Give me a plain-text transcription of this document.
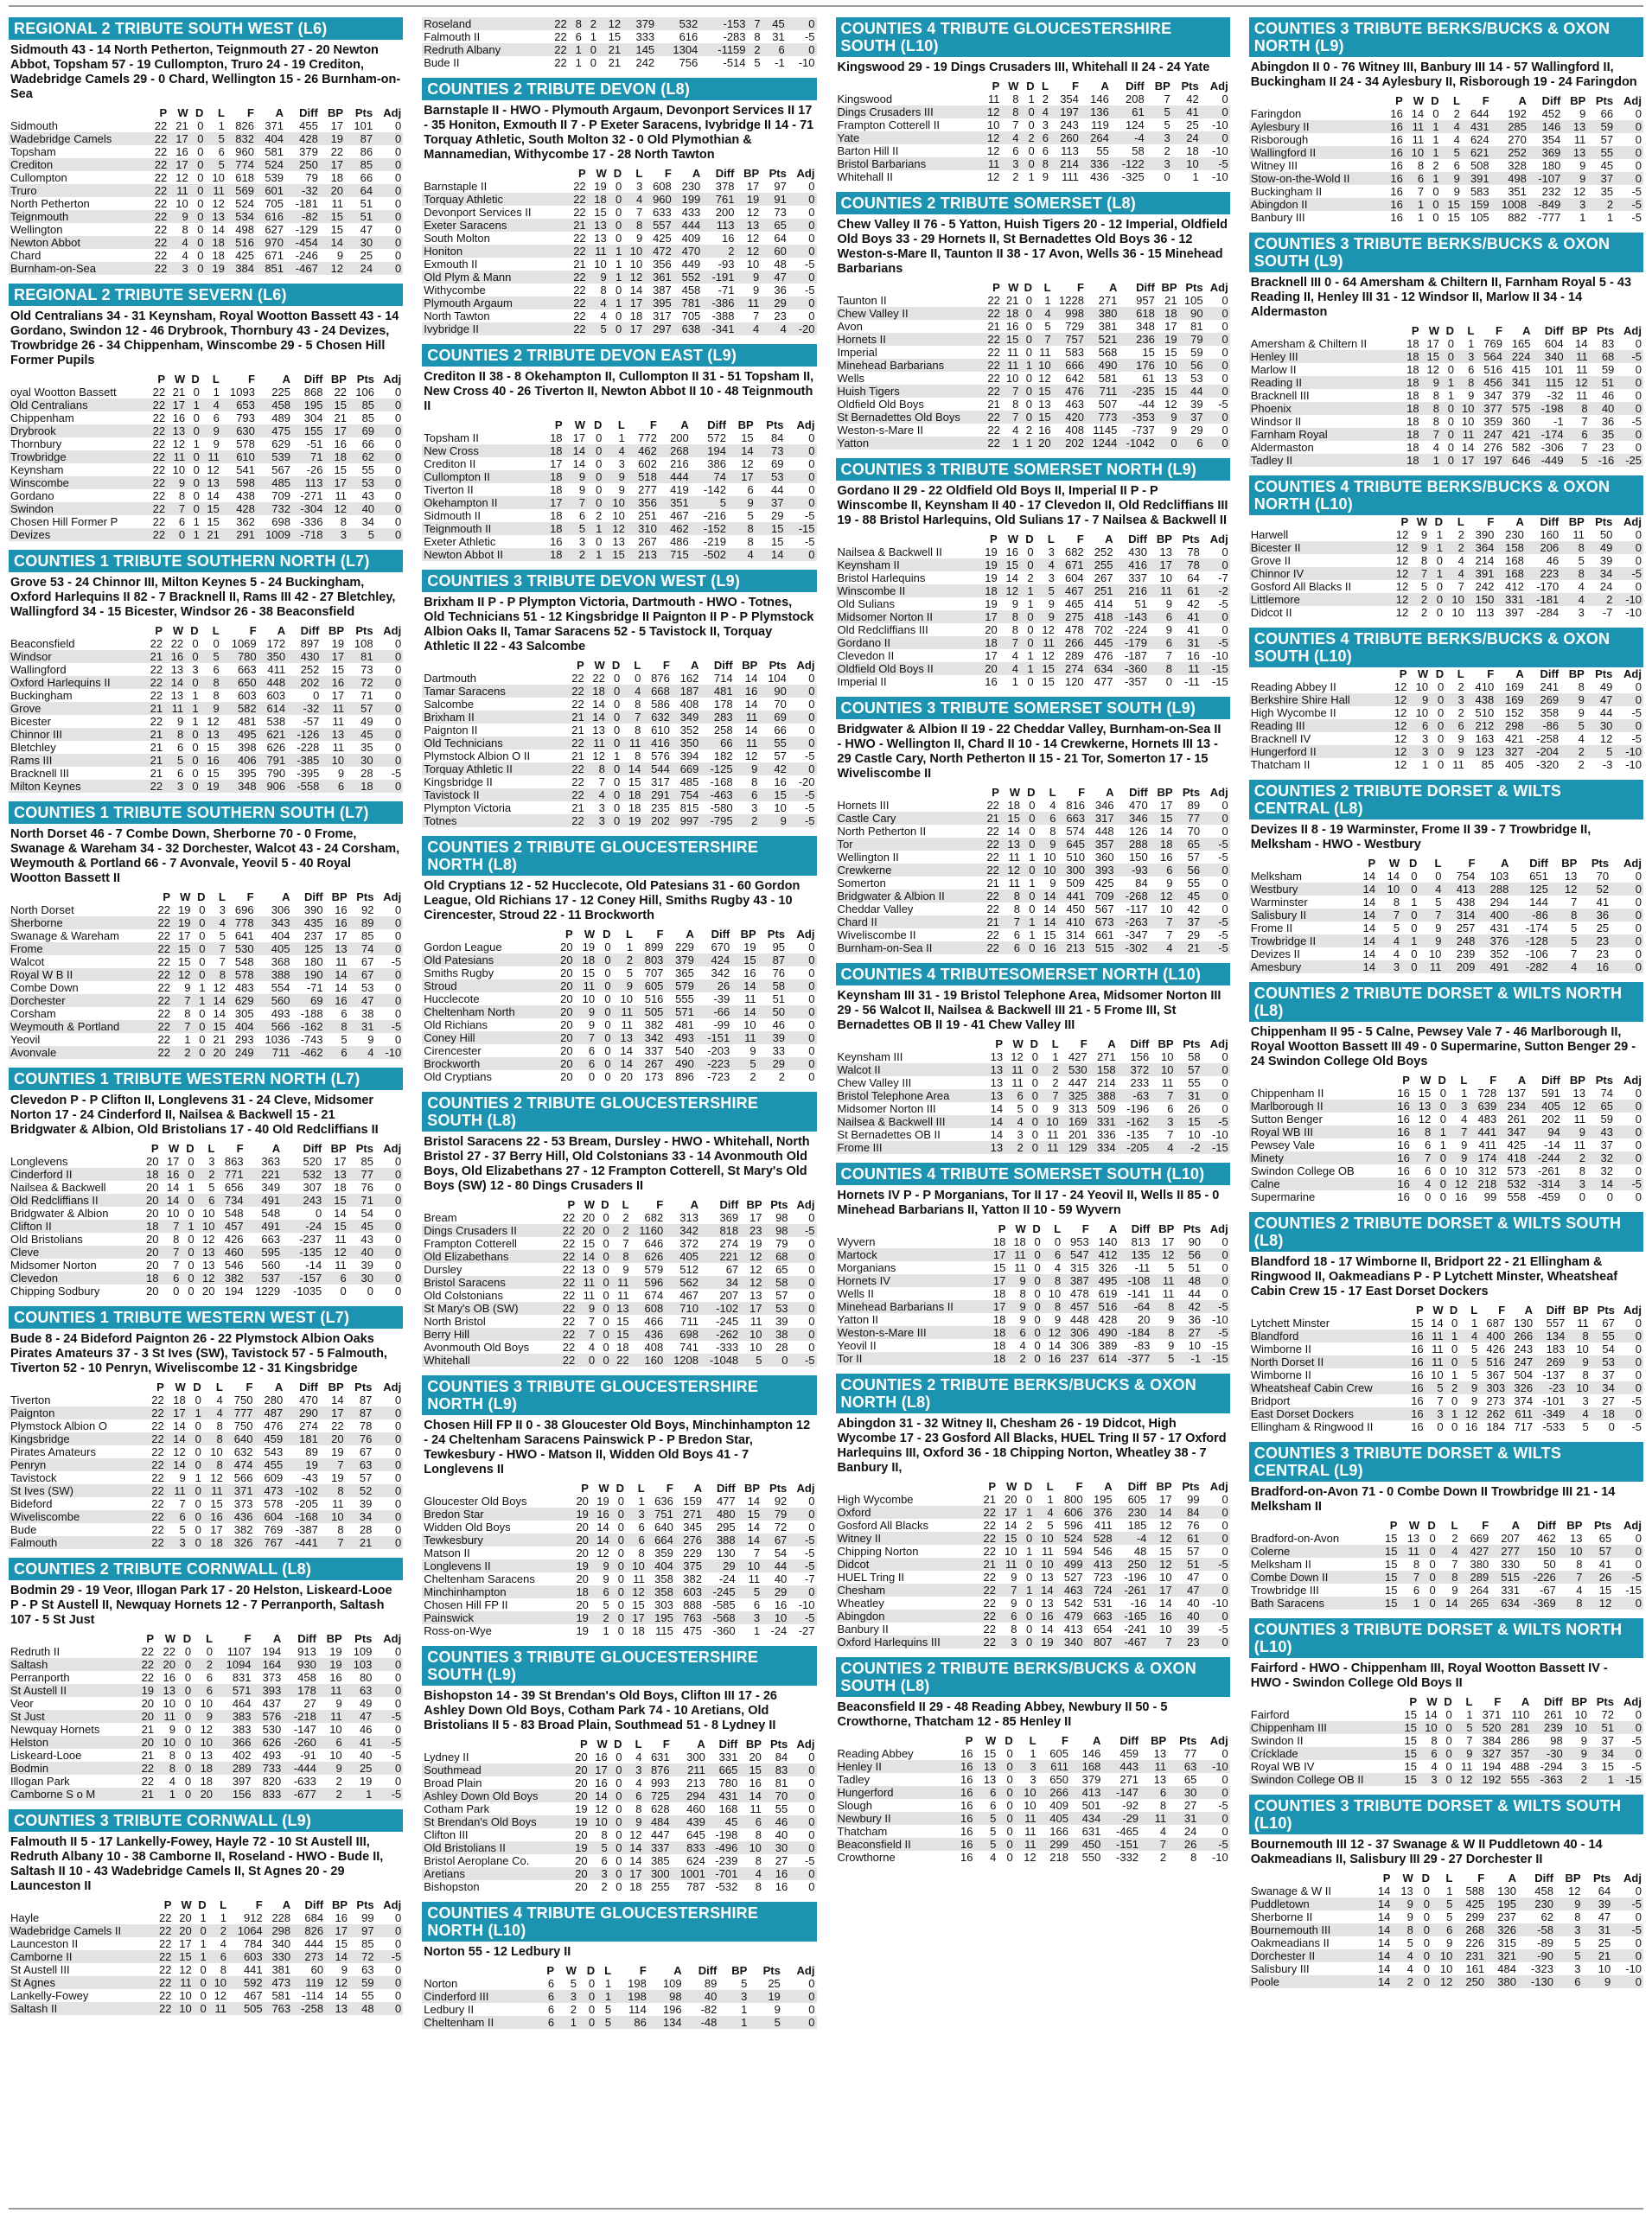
REGIONAL 2 TRIBUTE SOUTH WEST (L6)
Sidmouth 43 - 14 North Petherton, Teignmouth 27 - 20 Newton Abbot, Topsham 57 - 19 Cullompton, Truro 24 - 19 Crediton, Wadebridge Camels 29 - 0 Chard, Wellington 15 - 26 Burnham-on-Sea
	P	W	D	L	F	A	Diff	BP	Pts	Adj
Sidmouth	22	21	0	1	826	371	455	17	101	0
Wadebridge Camels	22	17	0	5	832	404	428	19	87	0
Topsham	22	16	0	6	960	581	379	22	86	0
Crediton	22	17	0	5	774	524	250	17	85	0
Cullompton	22	12	0	10	618	539	79	18	66	0
Truro	22	11	0	11	569	601	-32	20	64	0
North Petherton	22	10	0	12	524	705	-181	11	51	0
Teignmouth	22	9	0	13	534	616	-82	15	51	0
Wellington	22	8	0	14	498	627	-129	15	47	0
Newton Abbot	22	4	0	18	516	970	-454	14	30	0
Chard	22	4	0	18	425	671	-246	9	25	0
Burnham-on-Sea	22	3	0	19	384	851	-467	12	24	0
REGIONAL 2 TRIBUTE SEVERN (L6)
Old Centralians 34 - 31 Keynsham, Royal Wootton Bassett 43 - 14 Gordano, Swindon 12 - 46 Drybrook, Thornbury 43 - 24 Devizes, Trowbridge 26 - 34 Chippenham, Winscombe 29 - 5 Chosen Hill Former Pupils
	P	W	D	L	F	A	Diff	BP	Pts	Adj
oyal Wootton Bassett	22	21	0	1	1093	225	868	22	106	0
Old Centralians	22	17	1	4	653	458	195	15	85	0
Chippenham	22	16	0	6	793	489	304	21	85	0
Drybrook	22	13	0	9	630	475	155	17	69	0
Thornbury	22	12	1	9	578	629	-51	16	66	0
Trowbridge	22	11	0	11	610	539	71	18	62	0
Keynsham	22	10	0	12	541	567	-26	15	55	0
Winscombe	22	9	0	13	598	485	113	17	53	0
Gordano	22	8	0	14	438	709	-271	11	43	0
Swindon	22	7	0	15	428	732	-304	12	40	0
Chosen Hill Former P	22	6	1	15	362	698	-336	8	34	0
Devizes	22	0	1	21	291	1009	-718	3	5	0
COUNTIES 1 TRIBUTE SOUTHERN NORTH (L7)
Grove 53 - 24 Chinnor III, Milton Keynes 5 - 24 Buckingham, Oxford Harlequins II 82 - 7 Bracknell II, Rams III 42 - 27 Bletchley, Wallingford 34 - 15 Bicester, Windsor 26 - 38 Beaconsfield
	P	W	D	L	F	A	Diff	BP	Pts	Adj
Beaconsfield	22	22	0	0	1069	172	897	19	108	0
Windsor	21	16	0	5	780	350	430	17	81	0
Wallingford	22	13	3	6	663	411	252	15	73	0
Oxford Harlequins II	22	14	0	8	650	448	202	16	72	0
Buckingham	22	13	1	8	603	603	0	17	71	0
Grove	21	11	1	9	582	614	-32	11	57	0
Bicester	22	9	1	12	481	538	-57	11	49	0
Chinnor III	21	8	0	13	495	621	-126	13	45	0
Bletchley	21	6	0	15	398	626	-228	11	35	0
Rams III	21	5	0	16	406	791	-385	10	30	0
Bracknell III	21	6	0	15	395	790	-395	9	28	-5
Milton Keynes	22	3	0	19	348	906	-558	6	18	0
COUNTIES 1 TRIBUTE SOUTHERN SOUTH (L7)
North Dorset 46 - 7 Combe Down, Sherborne 70 - 0 Frome, Swanage & Wareham 34 - 32 Dorchester, Walcot 43 - 24 Corsham, Weymouth & Portland 66 - 7 Avonvale, Yeovil 5 - 40 Royal Wootton Bassett II
	P	W	D	L	F	A	Diff	BP	Pts	Adj
North Dorset	22	19	0	3	696	306	390	16	92	0
Sherborne	22	19	0	4	778	343	435	16	89	0
Swanage & Wareham	22	17	0	5	641	404	237	17	85	0
Frome	22	15	0	7	530	405	125	13	74	0
Walcot	22	15	0	7	548	368	180	11	67	-5
Royal W B II	22	12	0	8	578	388	190	14	67	0
Combe Down	22	9	1	12	483	554	-71	14	53	0
Dorchester	22	7	1	14	629	560	69	16	47	0
Corsham	22	8	0	14	305	493	-188	6	38	0
Weymouth & Portland	22	7	0	15	404	566	-162	8	31	-5
Yeovil	22	1	0	21	293	1036	-743	5	9	0
Avonvale	22	2	0	20	249	711	-462	6	4	-10
COUNTIES 1 TRIBUTE WESTERN NORTH (L7)
Clevedon P - P Clifton II, Longlevens 31 - 24 Cleve, Midsomer Norton 17 - 24 Cinderford II, Nailsea & Backwell 15 - 21 Bridgwater & Albion, Old Bristolians 17 - 40 Old Redcliffians II
	P	W	D	L	F	A	Diff	BP	Pts	Adj
Longlevens	20	17	0	3	863	363	520	17	85	0
Cinderford II	18	16	0	2	771	221	532	13	77	0
Nailsea & Backwell	20	14	1	5	656	349	307	18	76	0
Old Redcliffians II	20	14	0	6	734	491	243	15	71	0
Bridgwater & Albion	20	10	0	10	548	548	0	14	54	0
Clifton II	18	7	1	10	457	491	-24	15	45	0
Old Bristolians	20	8	0	12	426	663	-237	11	43	0
Cleve	20	7	0	13	460	595	-135	12	40	0
Midsomer Norton	20	7	0	13	546	560	-14	11	39	0
Clevedon	18	6	0	12	382	537	-157	6	30	0
Chipping Sodbury	20	0	0	20	194	1229	-1035	0	0	0
COUNTIES 1 TRIBUTE WESTERN WEST (L7)
Bude 8 - 24 Bideford Paignton 26 - 22 Plymstock Albion Oaks Pirates Amateurs 37 - 3 St Ives (SW), Tavistock 57 - 5 Falmouth, Tiverton 52 - 10 Penryn, Wiveliscombe 12 - 31 Kingsbridge
	P	W	D	L	F	A	Diff	BP	Pts	Adj
Tiverton	22	18	0	4	750	280	470	14	87	0
Paignton	22	17	1	4	777	487	290	17	87	0
Plymstock Albion O	22	14	0	8	750	476	274	22	78	0
Kingsbridge	22	14	0	8	640	459	181	20	76	0
Pirates Amateurs	22	12	0	10	632	543	89	19	67	0
Penryn	22	14	0	8	474	455	19	7	63	0
Tavistock	22	9	1	12	566	609	-43	19	57	0
St Ives (SW)	22	11	0	11	371	473	-102	8	52	0
Bideford	22	7	0	15	373	578	-205	11	39	0
Wiveliscombe	22	6	0	16	436	604	-168	10	34	0
Bude	22	5	0	17	382	769	-387	8	28	0
Falmouth	22	3	0	18	326	767	-441	7	21	0
COUNTIES 2 TRIBUTE CORNWALL (L8)
Bodmin 29 - 19 Veor, Illogan Park 17 - 20 Helston, Liskeard-Looe P - P St Austell II, Newquay Hornets 12 - 7 Perranporth, Saltash 107 - 5 St Just
	P	W	D	L	F	A	Diff	BP	Pts	Adj
Redruth II	22	22	0	0	1107	194	913	19	109	0
Saltash	22	20	0	2	1094	164	930	19	103	0
Perranporth	22	16	0	6	831	373	458	16	80	0
St Austell II	19	13	0	6	571	393	178	11	63	0
Veor	20	10	0	10	464	437	27	9	49	0
St Just	20	11	0	9	383	576	-218	11	47	-5
Newquay Hornets	21	9	0	12	383	530	-147	10	46	0
Helston	20	10	0	10	366	626	-260	6	41	-5
Liskeard-Looe	21	8	0	13	402	493	-91	10	40	-5
Bodmin	22	8	0	18	289	733	-444	9	25	0
Illogan Park	22	4	0	18	397	820	-633	2	19	0
Camborne S o M	21	1	0	20	156	833	-677	2	1	-5
COUNTIES 3 TRIBUTE CORNWALL (L9)
Falmouth II 5 - 17 Lankelly-Fowey, Hayle 72 - 10 St Austell III, Redruth Albany 10 - 38 Camborne II, Roseland - HWO - Bude II, Saltash II 10 - 43 Wadebridge Camels II, St Agnes 20 - 29 Launceston II
	P	W	D	L	F	A	Diff	BP	Pts	Adj
Hayle	22	20	1	1	912	228	684	16	99	0
Wadebridge Camels II	22	20	0	2	1064	298	826	17	97	0
Launceston II	22	17	1	4	784	340	444	15	85	0
Camborne II	22	15	1	6	603	330	273	14	72	-5
St Austell III	22	12	0	8	441	381	60	9	63	0
St Agnes	22	11	0	10	592	473	119	12	59	0
Lankelly-Fowey	22	10	0	12	467	581	-114	14	55	0
Saltash II	22	10	0	11	505	763	-258	13	48	0
Roseland	22	8	2	12	379	532	-153	7	45	0
Falmouth II	22	6	1	15	333	616	-283	8	31	-5
Redruth Albany	22	1	0	21	145	1304	-1159	2	6	0
Bude II	22	1	0	21	242	756	-514	5	-1	-10
COUNTIES 2 TRIBUTE DEVON (L8)
Barnstaple II - HWO - Plymouth Argaum, Devonport Services II 17 - 35 Honiton, Exmouth II 7 - P Exeter Saracens, Ivybridge II 14 - 71 Torquay Athletic, South Molton 32 - 0 Old Plymothian & Mannamedian, Withycombe 17 - 28 North Tawton
	P	W	D	L	F	A	Diff	BP	Pts	Adj
Barnstaple II	22	19	0	3	608	230	378	17	97	0
Torquay Athletic	22	18	0	4	960	199	761	19	91	0
Devonport Services II	22	15	0	7	633	433	200	12	73	0
Exeter Saracens	21	13	0	8	557	444	113	13	65	0
South Molton	22	13	0	9	425	409	16	12	64	0
Honiton	22	11	1	10	472	470	2	12	60	0
Exmouth II	21	10	1	10	356	449	-93	10	48	-5
Old Plym & Mann	22	9	1	12	361	552	-191	9	47	0
Withycombe	22	8	0	14	387	458	-71	9	36	-5
Plymouth Argaum	22	4	1	17	395	781	-386	11	29	0
North Tawton	22	4	0	18	317	705	-388	7	23	0
Ivybridge II	22	5	0	17	297	638	-341	4	4	-20
COUNTIES 2 TRIBUTE DEVON EAST (L9)
Crediton II 38 - 8 Okehampton II, Cullompton II 31 - 51 Topsham II, New Cross 40 - 26 Tiverton II, Newton Abbot II 10 - 48 Teignmouth II
	P	W	D	L	F	A	Diff	BP	Pts	Adj
Topsham II	18	17	0	1	772	200	572	15	84	0
New Cross	18	14	0	4	462	268	194	14	73	0
Crediton II	17	14	0	3	602	216	386	12	69	0
Cullompton II	18	9	0	9	518	444	74	17	53	0
Tiverton II	18	9	0	9	277	419	-142	6	44	0
Okehampton II	17	7	0	10	356	351	5	9	37	0
Sidmouth II	18	6	2	10	251	467	-216	5	29	-5
Teignmouth II	18	5	1	12	310	462	-152	8	15	-15
Exeter Athletic	16	3	0	13	267	486	-219	8	15	-5
Newton Abbot II	18	2	1	15	213	715	-502	4	14	0
COUNTIES 3 TRIBUTE DEVON WEST (L9)
Brixham II P - P Plympton Victoria, Dartmouth - HWO - Totnes, Old Technicians 51 - 12 Kingsbridge II Paignton II P - P Plymstock Albion Oaks II, Tamar Saracens 52 - 5 Tavistock II, Torquay Athletic II 22 - 43 Salcombe
	P	W	D	L	F	A	Diff	BP	Pts	Adj
Dartmouth	22	22	0	0	876	162	714	14	104	0
Tamar Saracens	22	18	0	4	668	187	481	16	90	0
Salcombe	22	14	0	8	586	408	178	14	70	0
Brixham II	21	14	0	7	632	349	283	11	69	0
Paignton II	21	13	0	8	610	352	258	14	66	0
Old Technicians	22	11	0	11	416	350	66	11	55	0
Plymstock Albion O II	21	12	1	8	576	394	182	12	57	-5
Torquay Athletic II	22	8	0	14	544	669	-125	9	42	0
Kingsbridge II	22	7	0	15	317	485	-168	8	16	-20
Tavistock II	22	4	0	18	291	754	-463	6	15	-5
Plympton Victoria	21	3	0	18	235	815	-580	3	10	-5
Totnes	22	3	0	19	202	997	-795	2	9	-5
COUNTIES 2 TRIBUTE GLOUCESTERSHIRE NORTH (L8)
Old Cryptians 12 - 52 Hucclecote, Old Patesians 31 - 60 Gordon League, Old Richians 17 - 12 Coney Hill, Smiths Rugby 43 - 10 Cirencester, Stroud 22 - 11 Brockworth
	P	W	D	L	F	A	Diff	BP	Pts	Adj
Gordon League	20	19	0	1	899	229	670	19	95	0
Old Patesians	20	18	0	2	803	379	424	15	87	0
Smiths Rugby	20	15	0	5	707	365	342	16	76	0
Stroud	20	11	0	9	605	579	26	14	58	0
Hucclecote	20	10	0	10	516	555	-39	11	51	0
Cheltenham North	20	9	0	11	505	571	-66	14	50	0
Old Richians	20	9	0	11	382	481	-99	10	46	0
Coney Hill	20	7	0	13	342	493	-151	11	39	0
Cirencester	20	6	0	14	337	540	-203	9	33	0
Brockworth	20	6	0	14	267	490	-223	5	29	0
Old Cryptians	20	0	0	20	173	896	-723	2	2	0
COUNTIES 2 TRIBUTE GLOUCESTERSHIRE SOUTH (L8)
Bristol Saracens 22 - 53 Bream, Dursley - HWO - Whitehall, North Bristol 27 - 37 Berry Hill, Old Colstonians 33 - 14 Avonmouth Old Boys, Old Elizabethans 27 - 12 Frampton Cotterell, St Mary's Old Boys (SW) 12 - 80 Dings Crusaders II
	P	W	D	L	F	A	Diff	BP	Pts	Adj
Bream	22	20	0	2	682	313	369	17	98	0
Dings Crusaders II	22	20	0	2	1160	342	818	23	98	-5
Frampton Cotterell	22	15	0	7	646	372	274	19	79	0
Old Elizabethans	22	14	0	8	626	405	221	12	68	0
Dursley	22	13	0	9	579	512	67	12	65	0
Bristol Saracens	22	11	0	11	596	562	34	12	58	0
Old Colstonians	22	11	0	11	674	467	207	13	57	0
St Mary's OB (SW)	22	9	0	13	608	710	-102	17	53	0
North Bristol	22	7	0	15	466	711	-245	11	39	0
Berry Hill	22	7	0	15	436	698	-262	10	38	0
Avonmouth Old Boys	22	4	0	18	408	741	-333	10	28	0
Whitehall	22	0	0	22	160	1208	-1048	5	0	-5
COUNTIES 3 TRIBUTE GLOUCESTERSHIRE NORTH (L9)
Chosen Hill FP II 0 - 38 Gloucester Old Boys, Minchinhampton 12 - 24 Cheltenham Saracens Painswick P - P Bredon Star, Tewkesbury - HWO - Matson II, Widden Old Boys 41 - 7 Longlevens II
	P	W	D	L	F	A	Diff	BP	Pts	Adj
Gloucester Old Boys	20	19	0	1	636	159	477	14	92	0
Bredon Star	19	16	0	3	751	271	480	15	79	0
Widden Old Boys	20	14	0	6	640	345	295	14	72	0
Tewkesbury	20	14	0	6	664	276	388	14	67	-5
Matson II	20	12	0	8	359	229	130	7	54	-5
Longlevens II	19	9	0	10	404	375	29	10	44	-5
Cheltenham Saracens	20	9	0	11	358	382	-24	11	40	-7
Minchinhampton	18	6	0	12	358	603	-245	5	29	0
Chosen Hill FP II	20	5	0	15	303	888	-585	6	16	-10
Painswick	19	2	0	17	195	763	-568	3	10	-5
Ross-on-Wye	19	1	0	18	115	475	-360	1	-24	-27
COUNTIES 3 TRIBUTE GLOUCESTERSHIRE SOUTH (L9)
Bishopston 14 - 39 St Brendan's Old Boys, Clifton III 17 - 26 Ashley Down Old Boys, Cotham Park 74 - 10 Aretians, Old Bristolians II 5 - 83 Broad Plain, Southmead 51 - 8 Lydney II
	P	W	D	L	F	A	Diff	BP	Pts	Adj
Lydney II	20	16	0	4	631	300	331	20	84	0
Southmead	20	17	0	3	876	211	665	15	83	0
Broad Plain	20	16	0	4	993	213	780	16	81	0
Ashley Down Old Boys	20	14	0	6	725	294	431	14	70	0
Cotham Park	19	12	0	8	628	460	168	11	55	0
St Brendan's Old Boys	19	10	0	9	484	439	45	6	46	0
Clifton III	20	8	0	12	447	645	-198	8	40	0
Old Bristolians II	19	5	0	14	337	833	-496	10	30	0
Bristol Aeroplane Co.	20	6	0	14	385	624	-239	8	27	-5
Aretians	20	3	0	17	300	1001	-701	4	16	0
Bishopston	20	2	0	18	255	787	-532	8	16	0
COUNTIES 4 TRIBUTE GLOUCESTERSHIRE NORTH (L10)
Norton 55 - 12 Ledbury II
	P	W	D	L	F	A	Diff	BP	Pts	Adj
Norton	6	5	0	1	198	109	89	5	25	0
Cinderford III	6	3	0	1	198	98	40	3	19	0
Ledbury II	6	2	0	5	114	196	-82	1	9	0
Cheltenham II	6	1	0	5	86	134	-48	1	5	0
COUNTIES 4 TRIBUTE GLOUCESTERSHIRE SOUTH (L10)
Kingswood 29 - 19 Dings Crusaders III, Whitehall II 24 - 24 Yate
	P	W	D	L	F	A	Diff	BP	Pts	Adj
Kingswood	11	8	1	2	354	146	208	7	42	0
Dings Crusaders III	12	8	0	4	197	136	61	5	41	0
Frampton Cotterell II	10	7	0	3	243	119	124	5	25	-10
Yate	12	4	2	6	260	264	-4	3	24	0
Barton Hill II	12	6	0	6	113	55	58	2	18	-10
Bristol Barbarians	11	3	0	8	214	336	-122	3	10	-5
Whitehall II	12	2	1	9	111	436	-325	0	1	-10
COUNTIES 2 TRIBUTE SOMERSET (L8)
Chew Valley II 76 - 5 Yatton, Huish Tigers 20 - 12 Imperial, Oldfield Old Boys 33 - 29 Hornets II, St Bernadettes Old Boys 36 - 12 Weston-s-Mare II, Taunton II 38 - 17 Avon, Wells 36 - 15 Minehead Barbarians
	P	W	D	L	F	A	Diff	BP	Pts	Adj
Taunton II	22	21	0	1	1228	271	957	21	105	0
Chew Valley II	22	18	0	4	998	380	618	18	90	0
Avon	21	16	0	5	729	381	348	17	81	0
Hornets II	22	15	0	7	757	521	236	19	79	0
Imperial	22	11	0	11	583	568	15	15	59	0
Minehead Barbarians	22	11	1	10	666	490	176	10	56	0
Wells	22	10	0	12	642	581	61	13	53	0
Huish Tigers	22	7	0	15	476	711	-235	15	44	0
Oldfield Old Boys	21	8	0	13	463	507	-44	12	39	-5
St Bernadettes Old Boys	22	7	0	15	420	773	-353	9	37	0
Weston-s-Mare II	22	4	2	16	408	1145	-737	9	29	0
Yatton	22	1	1	20	202	1244	-1042	0	6	0
COUNTIES 3 TRIBUTE SOMERSET NORTH (L9)
Gordano II 29 - 22 Oldfield Old Boys II, Imperial II P - P Winscombe II, Keynsham II 40 - 17 Clevedon II, Old Redcliffians III 19 - 88 Bristol Harlequins, Old Sulians 17 - 7 Nailsea & Backwell II
	P	W	D	L	F	A	Diff	BP	Pts	Adj
Nailsea & Backwell II	19	16	0	3	682	252	430	13	78	0
Keynsham II	19	15	0	4	671	255	416	17	78	0
Bristol Harlequins	19	14	2	3	604	267	337	10	64	-7
Winscombe II	18	12	1	5	467	251	216	11	61	-2
Old Sulians	19	9	1	9	465	414	51	9	42	-5
Midsomer Norton II	17	8	0	9	275	418	-143	6	41	0
Old Redcliffians III	20	8	0	12	478	702	-224	9	41	0
Gordano II	18	7	0	11	266	445	-179	6	31	-5
Clevedon II	17	4	1	12	289	476	-187	7	16	-10
Oldfield Old Boys II	20	4	1	15	274	634	-360	8	11	-15
Imperial II	16	1	0	15	120	477	-357	0	-11	-15
COUNTIES 3 TRIBUTE SOMERSET SOUTH (L9)
Bridgwater & Albion II 19 - 22 Cheddar Valley, Burnham-on-Sea II - HWO - Wellington II, Chard II 10 - 14 Crewkerne, Hornets III 13 - 29 Castle Cary, North Petherton II 15 - 21 Tor, Somerton 17 - 15 Wiveliscombe II
	P	W	D	L	F	A	Diff	BP	Pts	Adj
Hornets III	22	18	0	4	816	346	470	17	89	0
Castle Cary	21	15	0	6	663	317	346	15	77	0
North Petherton II	22	14	0	8	574	448	126	14	70	0
Tor	22	13	0	9	645	357	288	18	65	-5
Wellington II	22	11	1	10	510	360	150	16	57	-5
Crewkerne	22	12	0	10	300	393	-93	6	56	0
Somerton	21	11	1	9	509	425	84	9	55	0
Bridgwater & Albion II	22	8	0	14	441	709	-268	12	45	0
Cheddar Valley	22	8	0	14	450	567	-117	10	42	0
Chard II	21	7	1	14	410	673	-263	7	37	-5
Wiveliscombe II	22	6	1	15	314	661	-347	7	29	-5
Burnham-on-Sea II	22	6	0	16	213	515	-302	4	21	-5
COUNTIES 4 TRIBUTESOMERSET NORTH (L10)
Keynsham III 31 - 19 Bristol Telephone Area, Midsomer Norton III 29 - 56 Walcot II, Nailsea & Backwell III 21 - 5 Frome III, St Bernadettes OB II 19 - 41 Chew Valley III
	P	W	D	L	F	A	Diff	BP	Pts	Adj
Keynsham III	13	12	0	1	427	271	156	10	58	0
Walcot II	13	11	0	2	530	158	372	10	57	0
Chew Valley III	13	11	0	2	447	214	233	11	55	0
Bristol Telephone Area	13	6	0	7	325	388	-63	7	31	0
Midsomer Norton III	14	5	0	9	313	509	-196	6	26	0
Nailsea & Backwell III	14	4	0	10	169	331	-162	3	15	-5
St Bernadettes OB II	14	3	0	11	201	336	-135	7	10	-10
Frome III	13	2	0	11	129	334	-205	4	-2	-15
COUNTIES 4 TRIBUTE SOMERSET SOUTH (L10)
Hornets IV P - P Morganians, Tor II 17 - 24 Yeovil II, Wells II 85 - 0 Minehead Barbarians II, Yatton II 10 - 59 Wyvern
	P	W	D	L	F	A	Diff	BP	Pts	Adj
Wyvern	18	18	0	0	953	140	813	17	90	0
Martock	17	11	0	6	547	412	135	12	56	0
Morganians	15	11	0	4	315	326	-11	5	51	0
Hornets IV	17	9	0	8	387	495	-108	11	48	0
Wells II	18	8	0	10	478	619	-141	11	44	0
Minehead Barbarians II	17	9	0	8	457	516	-64	8	42	-5
Yatton II	18	9	0	9	448	428	20	9	36	-10
Weston-s-Mare III	18	6	0	12	306	490	-184	8	27	-5
Yeovil II	18	4	0	14	306	389	-83	9	10	-15
Tor II	18	2	0	16	237	614	-377	5	-1	-15
COUNTIES 2 TRIBUTE BERKS/BUCKS & OXON NORTH (L8)
Abingdon 31 - 32 Witney II, Chesham 26 - 19 Didcot, High Wycombe 17 - 23 Gosford All Blacks, HUEL Tring II 57 - 17 Oxford Harlequins III, Oxford 36 - 18 Chipping Norton, Wheatley 38 - 7 Banbury II,
	P	W	D	L	F	A	Diff	BP	Pts	Adj
High Wycombe	21	20	0	1	800	195	605	17	99	0
Oxford	22	17	1	4	606	376	230	14	84	0
Gosford All Blacks	22	14	2	5	596	411	185	12	76	0
Witney II	22	15	0	10	524	528	-4	12	61	0
Chipping Norton	22	10	1	11	594	546	48	15	57	0
Didcot	21	11	0	10	499	413	250	12	51	-5
HUEL Tring II	22	9	0	13	527	723	-196	10	47	0
Chesham	22	7	1	14	463	724	-261	17	47	0
Wheatley	22	9	0	13	542	531	-16	14	40	-10
Abingdon	22	6	0	16	479	663	-165	16	40	0
Banbury II	22	8	0	14	413	654	-241	10	39	-5
Oxford Harlequins III	22	3	0	19	340	807	-467	7	23	0
COUNTIES 2 TRIBUTE BERKS/BUCKS & OXON SOUTH (L8)
Beaconsfield II 29 - 48 Reading Abbey, Newbury II 50 - 5 Crowthorne, Thatcham 12 - 85 Henley II
	P	W	D	L	F	A	Diff	BP	Pts	Adj
Reading Abbey	16	15	0	1	605	146	459	13	77	0
Henley II	16	13	0	3	611	168	443	11	63	-10
Tadley	16	13	0	3	650	379	271	13	65	0
Hungerford	16	6	0	10	266	413	-147	6	30	0
Slough	16	6	0	10	409	501	-92	8	27	-5
Newbury II	16	5	0	11	405	434	-29	11	31	0
Thatcham	16	5	0	11	166	631	-465	4	24	0
Beaconsfield II	16	5	0	11	299	450	-151	7	26	-5
Crowthorne	16	4	0	12	218	550	-332	2	8	-10
COUNTIES 3 TRIBUTE BERKS/BUCKS & OXON NORTH (L9)
Abingdon II 0 - 76 Witney III, Banbury III 14 - 57 Wallingford II, Buckingham II 24 - 34 Aylesbury II, Risborough 19 - 24 Faringdon
	P	W	D	L	F	A	Diff	BP	Pts	Adj
Faringdon	16	14	0	2	644	192	452	9	66	0
Aylesbury II	16	11	1	4	431	285	146	13	59	0
Risborough	16	11	1	4	624	270	354	11	57	0
Wallingford II	16	10	1	5	621	252	369	13	55	0
Witney III	16	8	2	6	508	328	180	9	45	0
Stow-on-the-Wold II	16	6	1	9	391	498	-107	9	37	0
Buckingham II	16	7	0	9	583	351	232	12	35	-5
Abingdon II	16	1	0	15	159	1008	-849	3	2	-5
Banbury III	16	1	0	15	105	882	-777	1	1	-5
COUNTIES 3 TRIBUTE BERKS/BUCKS & OXON SOUTH (L9)
Bracknell III 0 - 64 Amersham & Chiltern II, Farnham Royal 5 - 43 Reading II, Henley III 31 - 12 Windsor II, Marlow II 34 - 14 Aldermaston
	P	W	D	L	F	A	Diff	BP	Pts	Adj
Amersham & Chiltern II	18	17	0	1	769	165	604	14	83	0
Henley III	18	15	0	3	564	224	340	11	68	-5
Marlow II	18	12	0	6	516	415	101	11	59	0
Reading II	18	9	1	8	456	341	115	12	51	0
Bracknell III	18	8	1	9	347	379	-32	11	46	0
Phoenix	18	8	0	10	377	575	-198	8	40	0
Windsor II	18	8	0	10	359	360	-1	7	36	-5
Farnham Royal	18	7	0	11	247	421	-174	6	35	0
Aldermaston	18	4	0	14	276	582	-306	7	23	0
Tadley II	18	1	0	17	197	646	-449	5	-16	-25
COUNTIES 4 TRIBUTE BERKS/BUCKS & OXON NORTH (L10)
	P	W	D	L	F	A	Diff	BP	Pts	Adj
Harwell	12	9	1	2	390	230	160	11	50	0
Bicester II	12	9	1	2	364	158	206	8	49	0
Grove II	12	8	0	4	214	168	46	5	39	0
Chinnor IV	12	7	1	4	391	168	223	8	34	-5
Gosford All Blacks II	12	5	0	7	242	412	-170	4	24	0
Littlemore	12	2	0	10	150	331	-181	4	2	-10
Didcot II	12	2	0	10	113	397	-284	3	-7	-10
COUNTIES 4 TRIBUTE BERKS/BUCKS & OXON SOUTH (L10)
	P	W	D	L	F	A	Diff	BP	Pts	Adj
Reading Abbey II	12	10	0	2	410	169	241	8	49	0
Berkshire Shire Hall	12	9	0	3	438	169	269	9	47	0
High Wycombe II	12	10	0	2	510	152	358	9	44	-5
Reading III	12	6	0	6	212	298	-86	5	30	0
Bracknell IV	12	3	0	9	163	421	-258	4	12	-5
Hungerford II	12	3	0	9	123	327	-204	2	5	-10
Thatcham II	12	1	0	11	85	405	-320	2	-3	-10
COUNTIES 2 TRIBUTE DORSET & WILTS CENTRAL (L8)
Devizes II 8 - 19 Warminster, Frome II 39 - 7 Trowbridge II, Melksham - HWO - Westbury
	P	W	D	L	F	A	Diff	BP	Pts	Adj
Melksham	14	14	0	0	754	103	651	13	70	0
Westbury	14	10	0	4	413	288	125	12	52	0
Warminster	14	8	1	5	438	294	144	7	41	0
Salisbury II	14	7	0	7	314	400	-86	8	36	0
Frome II	14	5	0	9	257	431	-174	5	25	0
Trowbridge II	14	4	1	9	248	376	-128	5	23	0
Devizes II	14	4	0	10	239	352	-106	7	23	0
Amesbury	14	3	0	11	209	491	-282	4	16	0
COUNTIES 2 TRIBUTE DORSET & WILTS NORTH (L8)
Chippenham II 95 - 5 Calne, Pewsey Vale 7 - 46 Marlborough II, Royal Wootton Bassett III 49 - 0 Supermarine, Sutton Benger 29 - 24 Swindon College Old Boys
	P	W	D	L	F	A	Diff	BP	Pts	Adj
Chippenham II	16	15	0	1	728	137	591	13	74	0
Marlborough II	16	13	0	3	639	234	405	12	65	0
Sutton Benger	16	12	0	4	483	261	202	11	59	0
Royal WB III	16	8	1	7	441	347	94	9	43	0
Pewsey Vale	16	6	1	9	411	425	-14	11	37	0
Minety	16	7	0	9	174	418	-244	2	32	0
Swindon College OB	16	6	0	10	312	573	-261	8	32	0
Calne	16	4	0	12	218	532	-314	3	14	-5
Supermarine	16	0	0	16	99	558	-459	0	0	0
COUNTIES 2 TRIBUTE DORSET & WILTS SOUTH (L8)
Blandford 18 - 17 Wimborne II, Bridport 22 - 21 Ellingham & Ringwood II, Oakmeadians P - P Lytchett Minster, Wheatsheaf Cabin Crew 15 - 17 East Dorset Dockers
	P	W	D	L	F	A	Diff	BP	Pts	Adj
Lytchett Minster	15	14	0	1	687	130	557	11	67	0
Blandford	16	11	1	4	400	266	134	8	55	0
Wimborne II	16	11	0	5	426	243	183	10	54	0
North Dorset II	16	11	0	5	516	247	269	9	53	0
Wimborne II	16	10	1	5	367	504	-137	8	37	0
Wheatsheaf Cabin Crew	16	5	2	9	303	326	-23	10	34	0
Bridport	16	7	0	9	273	374	-101	3	27	-5
East Dorset Dockers	16	3	1	12	262	611	-349	4	18	0
Ellingham & Ringwood II	16	0	0	16	184	717	-533	5	0	-5
COUNTIES 3 TRIBUTE DORSET & WILTS CENTRAL (L9)
Bradford-on-Avon 71 - 0 Combe Down II Trowbridge III 21 - 14 Melksham II
	P	W	D	L	F	A	Diff	BP	Pts	Adj
Bradford-on-Avon	15	13	0	2	669	207	462	13	65	0
Colerne	15	11	0	4	427	277	150	10	57	0
Melksham II	15	8	0	7	380	330	50	8	41	0
Combe Down II	15	7	0	8	289	515	-226	7	26	-5
Trowbridge III	15	6	0	9	264	331	-67	4	15	-15
Bath Saracens	15	1	0	14	265	634	-369	8	12	0
COUNTIES 3 TRIBUTE DORSET & WILTS NORTH (L10)
Fairford - HWO - Chippenham III, Royal Wootton Bassett IV - HWO - Swindon College Old Boys II
	P	W	D	L	F	A	Diff	BP	Pts	Adj
Fairford	15	14	0	1	371	110	261	10	72	0
Chippenham III	15	10	0	5	520	281	239	10	51	0
Swindon II	15	8	0	7	384	286	98	9	37	-5
Crícklade	15	6	0	9	327	357	-30	9	34	0
Royal WB IV	15	4	0	11	194	488	-294	3	15	-5
Swindon College OB II	15	3	0	12	192	555	-363	2	1	-15
COUNTIES 3 TRIBUTE DORSET & WILTS SOUTH (L10)
Bournemouth III 12 - 37 Swanage & W II Puddletown 40 - 14 Oakmeadians II, Salisbury III 29 - 27 Dorchester II
	P	W	D	L	F	A	Diff	BP	Pts	Adj
Swanage & W II	14	13	0	1	588	130	458	12	64	0
Puddletown	14	9	0	5	425	195	230	9	39	-5
Sherborne II	14	9	0	5	299	237	62	8	47	0
Bournemouth III	14	8	0	6	268	326	-58	3	31	-5
Oakmeadians II	14	5	0	9	226	315	-89	5	25	0
Dorchester II	14	4	0	10	231	321	-90	5	21	0
Salisbury III	14	4	0	10	161	484	-323	3	10	-10
Poole	14	2	0	12	250	380	-130	6	9	0
